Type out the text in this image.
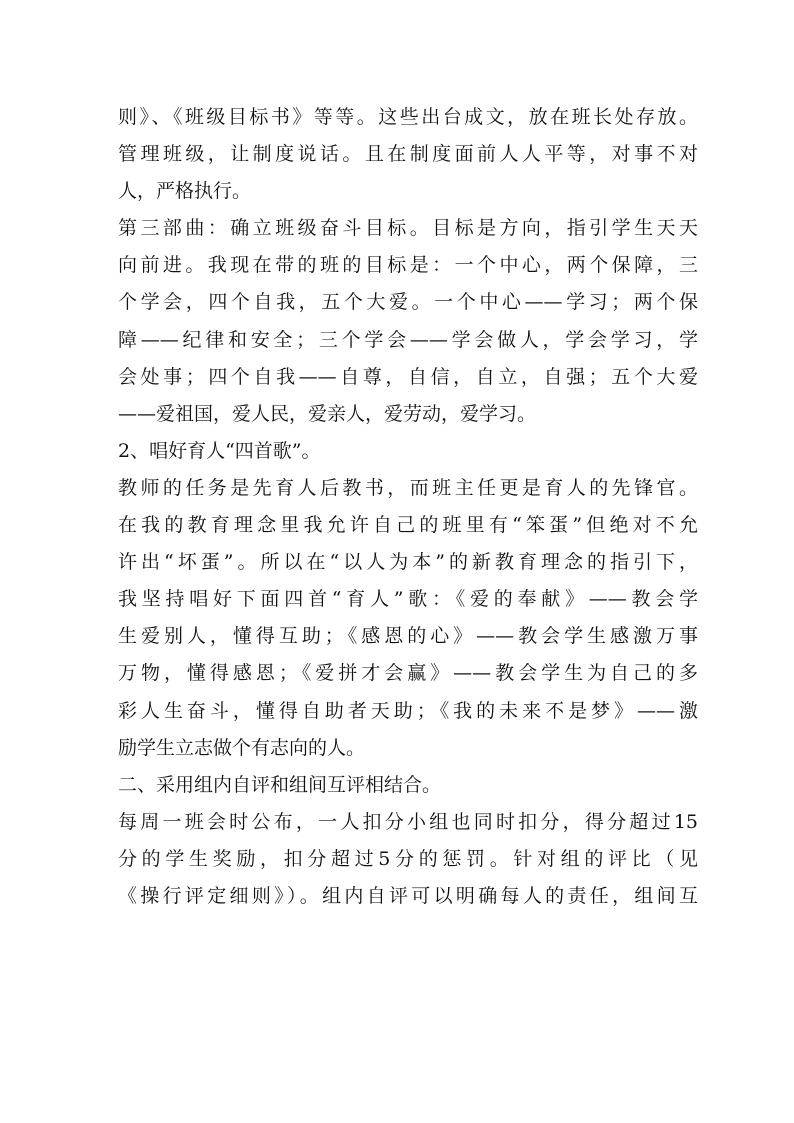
则》、《班级目标书》等等。这些出台成文，放在班长处存放。
管理班级，让制度说话。且在制度面前人人平等，对事不对
人，严格执行。
第三部曲：确立班级奋斗目标。目标是方向，指引学生天天
向前进。我现在带的班的目标是：一个中心，两个保障，三
个学会，四个自我，五个大爱。一个中心——学习；两个保
障——纪律和安全；三个学会——学会做人，学会学习，学
会处事；四个自我——自尊，自信，自立，自强；五个大爱
——爱祖国，爱人民，爱亲人，爱劳动，爱学习。
2、唱好育人“四首歌”。
教师的任务是先育人后教书，而班主任更是育人的先锋官。
在我的教育理念里我允许自己的班里有“笨蛋”但绝对不允
许出“坏蛋”。所以在“以人为本”的新教育理念的指引下，
我坚持唱好下面四首“育人”歌：《爱的奉献》——教会学
生爱别人，懂得互助；《感恩的心》——教会学生感激万事
万物，懂得感恩；《爱拼才会赢》——教会学生为自己的多
彩人生奋斗，懂得自助者天助；《我的未来不是梦》——激
励学生立志做个有志向的人。
二、采用组内自评和组间互评相结合。
每周一班会时公布，一人扣分小组也同时扣分，得分超过15
分的学生奖励，扣分超过5分的惩罚。针对组的评比（见
《操行评定细则》）。组内自评可以明确每人的责任，组间互
